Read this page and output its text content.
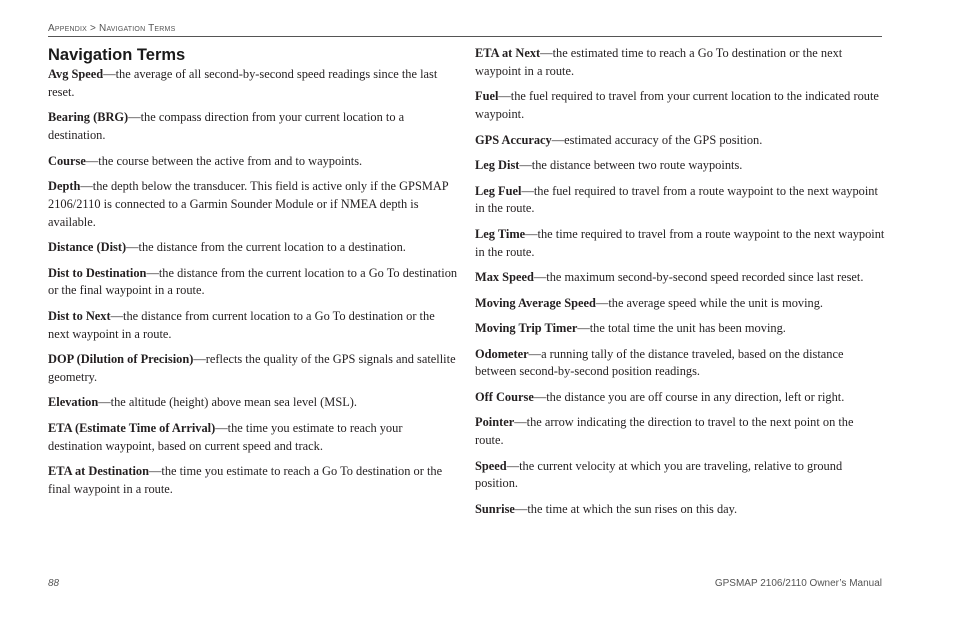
Appendix > Navigation Terms
Navigation Terms

Avg Speed—the average of all second-by-second speed readings since the last reset.

Bearing (BRG)—the compass direction from your current location to a destination.

Course—the course between the active from and to waypoints.

Depth—the depth below the transducer. This field is active only if the GPSMAP 2106/2110 is connected to a Garmin Sounder Module or if NMEA depth is available.

Distance (Dist)—the distance from the current location to a destination.

Dist to Destination—the distance from the current location to a Go To destination or the final waypoint in a route.

Dist to Next—the distance from current location to a Go To destination or the next waypoint in a route.

DOP (Dilution of Precision)—reflects the quality of the GPS signals and satellite geometry.

Elevation—the altitude (height) above mean sea level (MSL).

ETA (Estimate Time of Arrival)—the time you estimate to reach your destination waypoint, based on current speed and track.

ETA at Destination—the time you estimate to reach a Go To destination or the final waypoint in a route.

ETA at Next—the estimated time to reach a Go To destination or the next waypoint in a route.

Fuel—the fuel required to travel from your current location to the indicated route waypoint.

GPS Accuracy—estimated accuracy of the GPS position.

Leg Dist—the distance between two route waypoints.

Leg Fuel—the fuel required to travel from a route waypoint to the next waypoint in the route.

Leg Time—the time required to travel from a route waypoint to the next waypoint in the route.

Max Speed—the maximum second-by-second speed recorded since last reset.

Moving Average Speed—the average speed while the unit is moving.

Moving Trip Timer—the total time the unit has been moving.

Odometer—a running tally of the distance traveled, based on the distance between second-by-second position readings.

Off Course—the distance you are off course in any direction, left or right.

Pointer—the arrow indicating the direction to travel to the next point on the route.

Speed—the current velocity at which you are traveling, relative to ground position.

Sunrise—the time at which the sun rises on this day.

88	GPSMAP 2106/2110 Owner’s Manual
